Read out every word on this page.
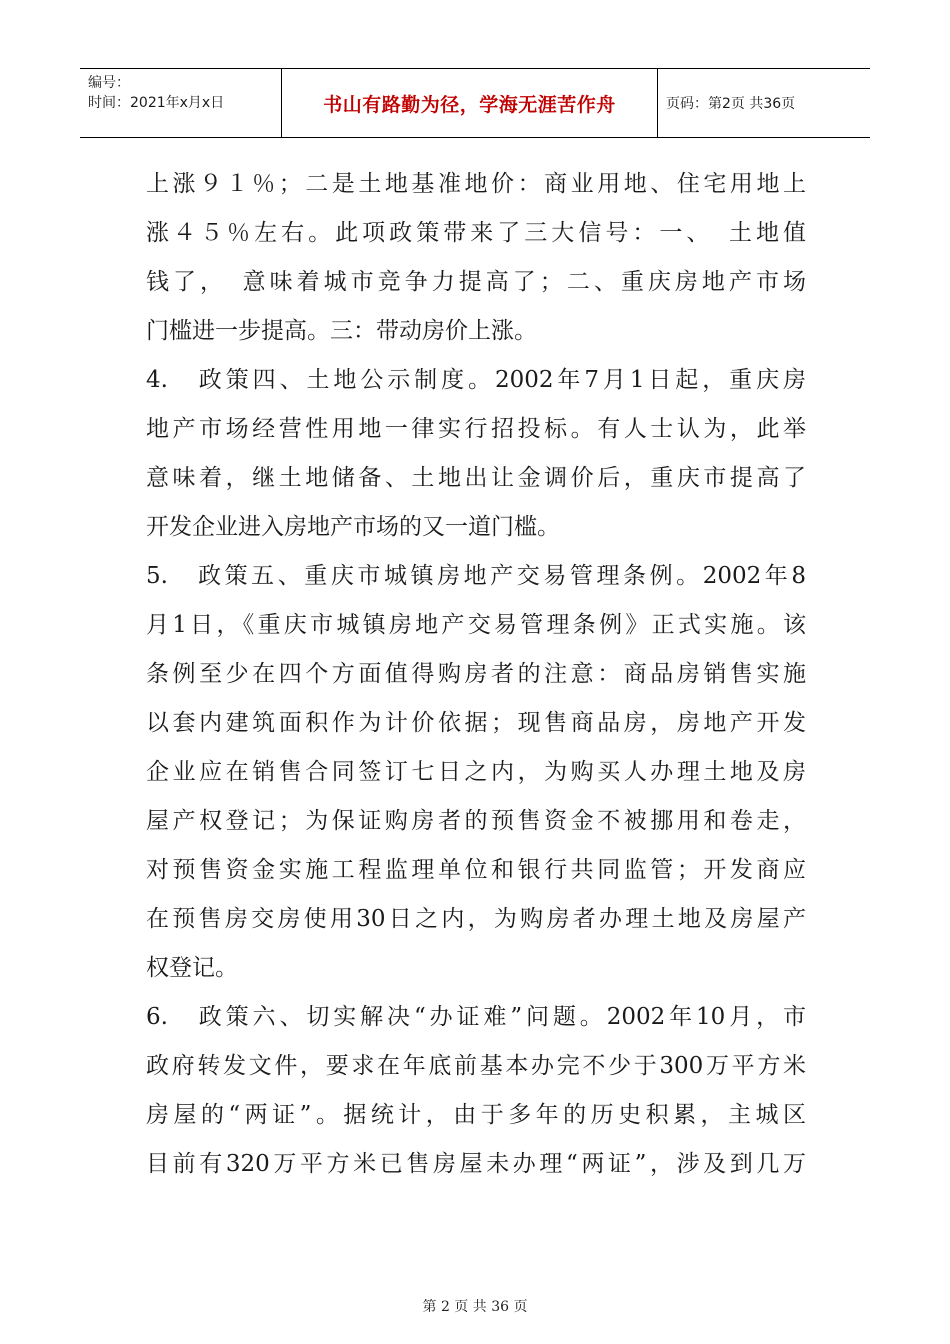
编号：
时间：2021年x月x日	书山有路勤为径，学海无涯苦作舟	页码：第2页 共36页

上涨９１％；二是土地基准地价：商业用地、住宅用地上

涨４５％左右。此项政策带来了三大信号：一、　土地值

钱了，　意味着城市竞争力提高了；二、重庆房地产市场

门槛进一步提高。三：带动房价上涨。

4.　政策四、土地公示制度。2002年7月1日起，重庆房

地产市场经营性用地一律实行招投标。有人士认为，此举

意味着，继土地储备、土地出让金调价后，重庆市提高了

开发企业进入房地产市场的又一道门槛。

5.　政策五、重庆市城镇房地产交易管理条例。2002年8

月1日，《重庆市城镇房地产交易管理条例》正式实施。该

条例至少在四个方面值得购房者的注意：商品房销售实施

以套内建筑面积作为计价依据；现售商品房，房地产开发

企业应在销售合同签订七日之内，为购买人办理土地及房

屋产权登记；为保证购房者的预售资金不被挪用和卷走，

对预售资金实施工程监理单位和银行共同监管；开发商应

在预售房交房使用30日之内，为购房者办理土地及房屋产

权登记。

6.　政策六、切实解决“办证难”问题。2002年10月，市

政府转发文件，要求在年底前基本办完不少于300万平方米

房屋的“两证”。据统计，由于多年的历史积累，主城区

目前有320万平方米已售房屋未办理“两证”，涉及到几万

第 2 页 共 36 页
